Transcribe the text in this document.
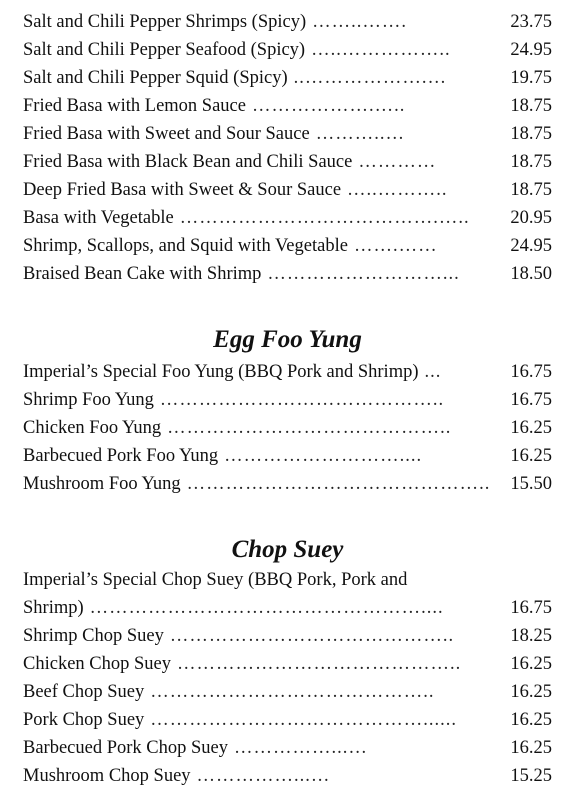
Salt and Chili Pepper Shrimps (Spicy) ……..…….	23.75
Salt and Chili Pepper Seafood (Spicy) …..……………..	24.95
Salt and Chili Pepper Squid (Spicy) ..……………….…	19.75
Fried Basa with Lemon Sauce ……………….…..	18.75
Fried Basa with Sweet and Sour Sauce ………..…	18.75
Fried Basa with Black Bean and Chili Sauce …………	18.75
Deep Fried Basa with Sweet & Sour Sauce …..………..	18.75
Basa with Vegetable ………………………………….…..	20.95
Shrimp, Scallops, and Squid with Vegetable …….……	24.95
Braised Bean Cake with Shrimp ………………………...	18.50
Egg Foo Yung
Imperial’s Special Foo Yung (BBQ Pork and Shrimp) ...	16.75
Shrimp Foo Yung ……………………………………..	16.75
Chicken Foo Yung ……………………………………..	16.25
Barbecued Pork Foo Yung ………………………....	16.25
Mushroom Foo Yung ………………………………………..	15.50
Chop Suey
Imperial’s Special Chop Suey (BBQ Pork, Pork and
Shrimp) ……………………………………………....	16.75
Shrimp Chop Suey ……………………………………..	18.25
Chicken Chop Suey ……………………………………..	16.25
Beef Chop Suey ……………………………………..	16.25
Pork Chop Suey ……………………………………......	16.25
Barbecued Pork Chop Suey ……………...…	16.25
Mushroom Chop Suey ……………...…	15.25
